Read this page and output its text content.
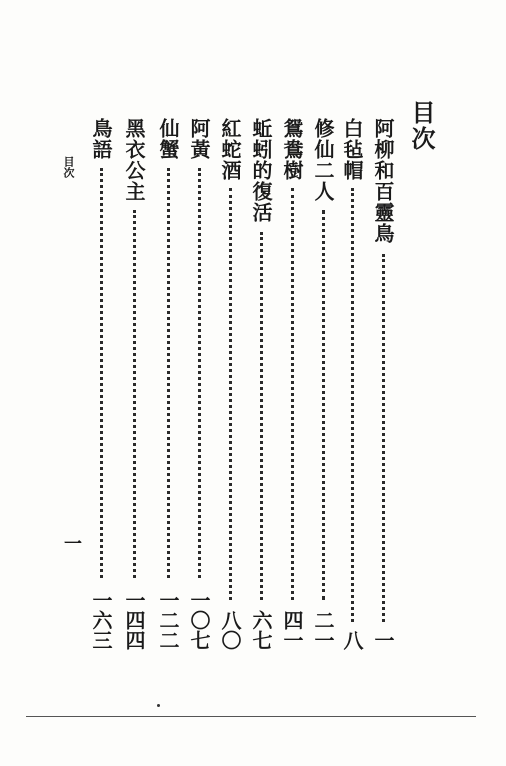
目次
阿柳和百靈鳥
一
白毡帽
八
修仙二人
二一
鴛鴦樹
四一
蚯蚓的復活
六七
紅蛇酒
八〇
阿黃
一〇七
仙蟹
一二二
黑衣公主
一四四
鳥語
一六三
目次
一
